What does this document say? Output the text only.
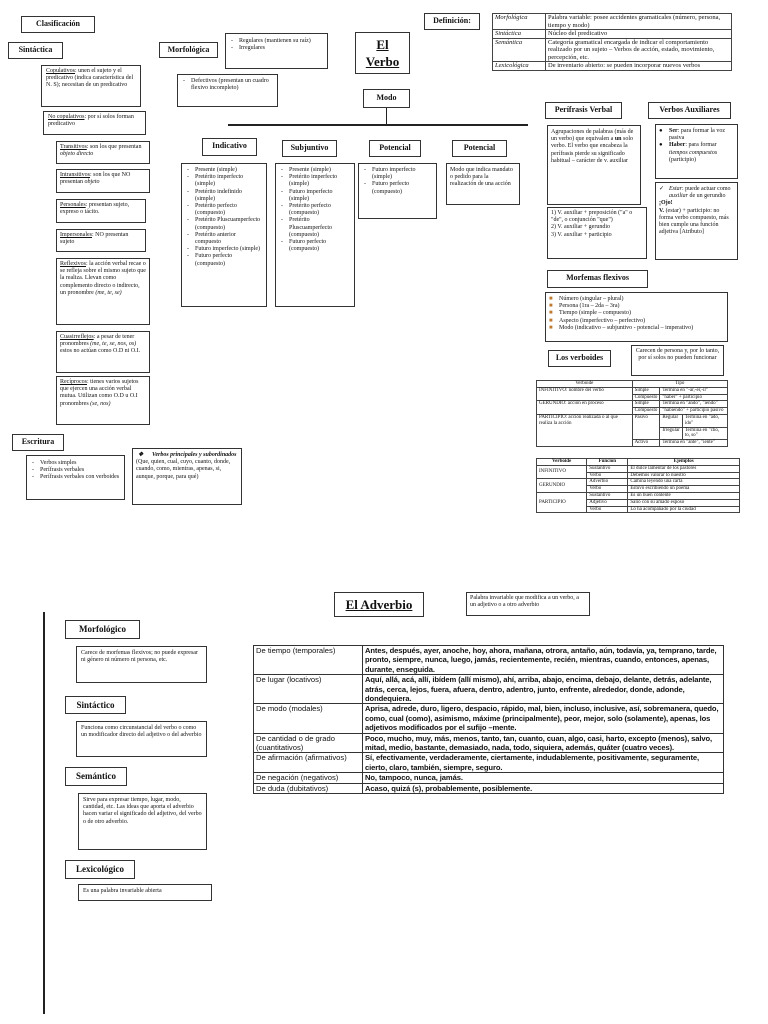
Clasificación
Sintáctica	Morfológica
Definición:
El
Verbo
- Regulares (mantienen su raíz)
- Irregulares
- Defectivos (presentan un cuadro flexivo incompleto)
Morfológica	Palabra variable: posee accidentes gramaticales (número, persona, tiempo y modo)
Sintáctica	Núcleo del predicativo
Semántica	Categoría gramatical encargada de indicar el comportamiento realizado por un sujeto – Verbos de acción, estado, movimiento, percepción, etc.
Lexicológica	De inventario abierto: se pueden incorporar nuevos verbos
Copulativos: unen el sujeto y el predicativo (indica característica del N. S); necesitan de un predicativo
No copulativos: por sí solos forman predicativo
Transitivos: son los que presentan objeto directo
Intransitivos: son los que NO presentan objeto
Personales: presentan sujeto, expreso o tácito.
Impersonales: NO presentan sujeto
Reflexivos: la acción verbal recae o se refleja sobre el mismo sujeto que la realiza. Llevan como complemento directo o indirecto, un pronombre (me, te, se)
Cuasirreflejos: a pesar de tener pronombres (me, te, se, nos, os) estos no actúan como O.D ni O.I.
Recíprocos: tienes varios sujetos que ejercen una acción verbal mutua. Utilizan como O.D u O.I pronombres (se, nos)
Escritura
- Verbos simples
- Perífrasis verbales
- Perífrasis verbales con verboides
❖ Verbos principales y subordinados
(Que, quien, cual, cuyo, cuanto, donde, cuando, como, mientras, apenas, si, aunque, porque, para qué)
Modo
Indicativo	Subjuntivo	Potencial	Potencial
- Presente (simple)
- Pretérito imperfecto (simple)
- Pretérito indefinido (simple)
- Pretérito perfecto (compuesto)
- Pretérito Pluscuamperfecto (compuesto)
- Pretérito anterior compuesto
- Futuro imperfecto (simple)
- Futuro perfecto (compuesto)
- Presente (simple)
- Pretérito imperfecto (simple)
- Futuro imperfecto (simple)
- Pretérito perfecto (compuesto)
- Pretérito Pluscuamperfecto (compuesto)
- Futuro perfecto (compuesto)
- Futuro imperfecto (simple)
- Futuro perfecto (compuesto)
Modo que indica mandato o pedido para la realización de una acción
Perífrasis Verbal	Verbos Auxiliares
Agrupaciones de palabras (más de un verbo) que equivalen a un solo verbo. El verbo que encabeza la perífrasis pierde su significado habitual – carácter de v. auxiliar
1) V. auxiliar + preposición ("a" o "de", o conjunción "que")
2) V. auxiliar + gerundio
3) V. auxiliar + participio
● Ser: para formar la voz pasiva
● Haber: para formar tiempos compuestos (participio)
✓ Estar: puede actuar como auxiliar de un gerundio
¡Ojo!
V. (estar) + participio: no forma verbo compuesto, más bien cumple una función adjetiva [Atributo]
Morfemas flexivos
■ Número (singular – plural)
■ Persona (1ra – 2da – 3ra)
■ Tiempo (simple – compuesto)
■ Aspecto (imperfectivo – perfectivo)
■ Modo (indicativo – subjuntivo - potencial – imperativo)
Los verboides
Carecen de persona y, por lo tanto, por sí solos no pueden funcionar
Verboide	Tipo		
INFINITIVO: nombre del verbo	Simple	Termina en "-ar,-er,-ir"	
	Compuesto	"haber" + participio	
GERUNDIO: acción en proceso	Simple	Termina en "ando", "iendo"	
	Compuesto	"habiendo" + participio pasivo	
PARTICIPIO: acción realizada o al que realiza la acción	Pasivo	Regular	Termina en "ado, ido"
		Irregular	Termina en "cho, to, so"
	Activo	Termina en "ante", "iente"	
Verboide	Función	Ejemplos
INFINITIVO	Sustantivo	El dulce lamentar de los pastores
	Verbo	Debemos valorar lo nuestro
GERUNDIO	Adverbio	Camina leyendo una carta
	Verbo	Estuvo escribiendo un poema
PARTICIPIO	Sustantivo	Es un buen contente
	Adjetivo	Salió con su amado esposo
	Verbo	Lo ha acompañado por la ciudad
El Adverbio	Palabra invariable que modifica a un verbo, a un adjetivo o a otro adverbio
Morfológico
Carece de morfemas flexivos; no puede expresar ni género ni número ni persona, etc.
Sintáctico
Funciona como circunstancial del verbo o como un modificador directo del adjetivo o del adverbio
Semántico
Sirve para expresar tiempo, lugar, modo, cantidad, etc. Las ideas que aporta el adverbio hacen variar el significado del adjetivo, del verbo o de otro adverbio.
Lexicológico
Es una palabra invariable abierta
De tiempo (temporales)	Antes, después, ayer, anoche, hoy, ahora, mañana, otrora, antaño, aún, todavía, ya, temprano, tarde, pronto, siempre, nunca, luego, jamás, recientemente, recién, mientras, cuando, entonces, apenas, durante, enseguida.
De lugar (locativos)	Aquí, allá, acá, allí, ibídem (allí mismo), ahí, arriba, abajo, encima, debajo, delante, detrás, adelante, atrás, cerca, lejos, fuera, afuera, dentro, adentro, junto, enfrente, alrededor, donde, adonde, dondequiera.
De modo (modales)	Aprisa, adrede, duro, ligero, despacio, rápido, mal, bien, incluso, inclusive, así, sobremanera, quedo, como, cual (como), asimismo, máxime (principalmente), peor, mejor, solo (solamente), apenas, los adjetivos modificados por el sufijo –mente.
De cantidad o de grado (cuantitativos)	Poco, mucho, muy, más, menos, tanto, tan, cuanto, cuan, algo, casi, harto, excepto (menos), salvo, mitad, medio, bastante, demasiado, nada, todo, siquiera, además, quáter (cuatro veces).
De afirmación (afirmativos)	Sí, efectivamente, verdaderamente, ciertamente, indudablemente, positivamente, seguramente, cierto, claro, también, siempre, seguro.
De negación (negativos)	No, tampoco, nunca, jamás.
De duda (dubitativos)	Acaso, quizá (s), probablemente, posiblemente.
